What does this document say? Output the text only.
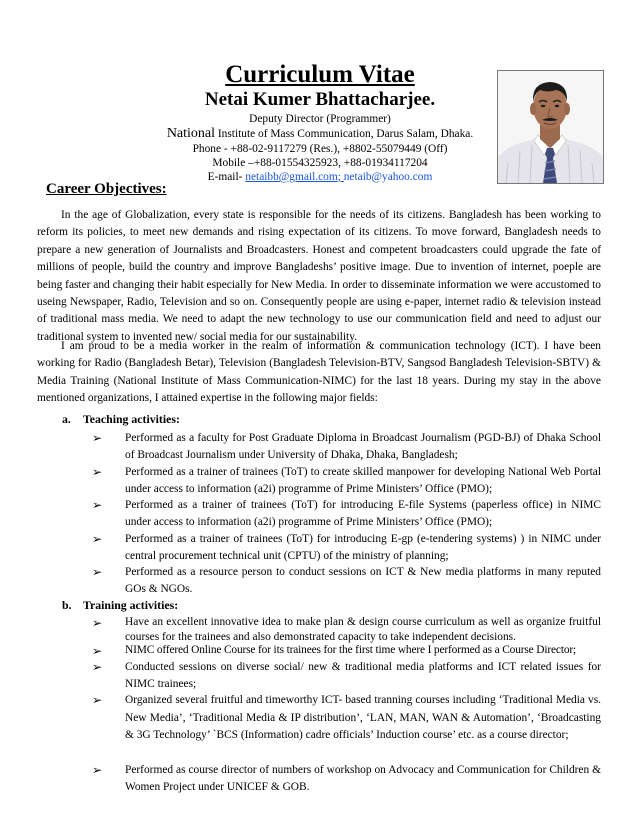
Curriculum Vitae
Netai Kumer Bhattacharjee.
Deputy Director (Programmer)
National Institute of Mass Communication, Darus Salam, Dhaka.
Phone - +88-02-9117279 (Res.), +8802-55079449 (Off)
Mobile –+88-01554325923, +88-01934117204
E-mail- netaibb@gmail.com; netaib@yahoo.com
Career Objectives:

In the age of Globalization, every state is responsible for the needs of its citizens. Bangladesh has been working to reform its policies, to meet new demands and rising expectation of its citizens. To move forward, Bangladesh needs to prepare a new generation of Journalists and Broadcasters. Honest and competent broadcasters could upgrade the fate of millions of people, build the country and improve Bangladeshs’ positive image. Due to invention of internet, poeple are being faster and changing their habit especially for New Media. In order to disseminate information we were accustomed to useing Newspaper, Radio, Television and so on. Consequently people are using e-paper, internet radio & television instead of traditional mass media. We need to adapt the new technology to use our communication field and need to adjust our traditional system to invented new/ social media for our sustainability.

I am proud to be a media worker in the realm of information & communication technology (ICT). I have been working for Radio (Bangladesh Betar), Television (Bangladesh Television-BTV, Sangsod Bangladesh Television-SBTV) & Media Training (National Institute of Mass Communication-NIMC) for the last 18 years. During my stay in the above mentioned organizations, I attained expertise in the following major fields:

a. Teaching activities:
➢ Performed as a faculty for Post Graduate Diploma in Broadcast Journalism (PGD-BJ) of Dhaka School of Broadcast Journalism under University of Dhaka, Dhaka, Bangladesh;

➢ Performed as a trainer of trainees (ToT) to create skilled manpower for developing National Web Portal under access to information (a2i) programme of Prime Ministers’ Office (PMO);

➢ Performed as a trainer of trainees (ToT) for introducing E-file Systems (paperless office) in NIMC under access to information (a2i) programme of Prime Ministers’ Office (PMO);

➢ Performed as a trainer of trainees (ToT) for introducing E-gp (e-tendering systems) ) in NIMC under central procurement technical unit (CPTU) of the ministry of planning;

➢ Performed as a resource person to conduct sessions on ICT & New media platforms in many reputed GOs & NGOs.

b. Training activities:
➢ Have an excellent innovative idea to make plan & design course curriculum as well as organize fruitful courses for the trainees and also demonstrated capacity to take independent decisions.

➢ NIMC offered Online Course for its trainees for the first time where I performed as a Course Director;

➢ Conducted sessions on diverse social/ new & traditional media platforms and ICT related issues for NIMC trainees;

➢ Organized several fruitful and timeworthy ICT- based tranning courses including ‘Traditional Media vs. New Media’, ‘Traditional Media & IP distribution’, ‘LAN, MAN, WAN & Automation’, ‘Broadcasting & 3G Technology’ `BCS (Information) cadre officials’ Induction course’ etc. as a course director;

➢ Performed as course director of numbers of workshop on Advocacy and Communication for Children & Women Project under UNICEF & GOB.
